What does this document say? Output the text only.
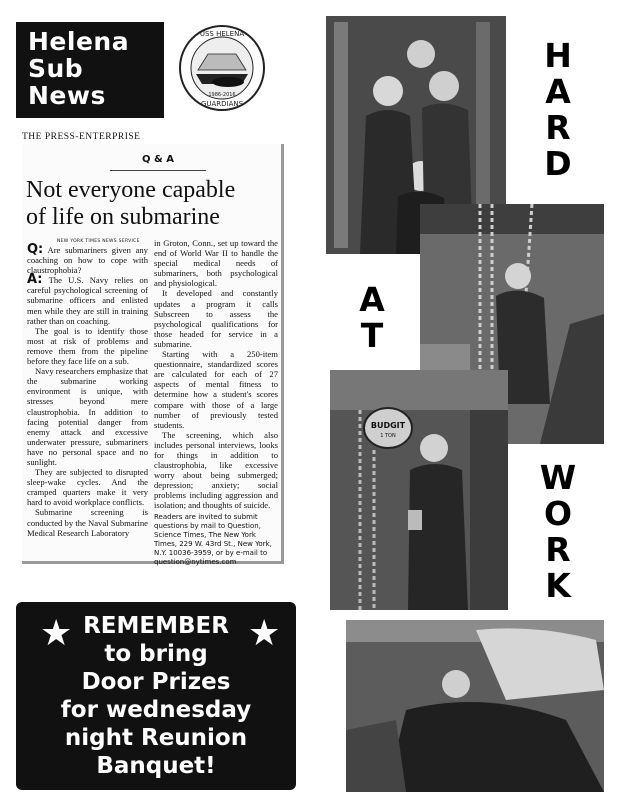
Helena
Sub
News
USS HELENA
1986-2016
GUARDIANS
THE PRESS-ENTERPRISE
Q & A
Not everyone capable
of life on submarine
NEW YORK TIMES NEWS SERVICE

Q: Are submariners given any coaching on how to cope with claustrophobia?

A: The U.S. Navy relies on careful psychological screening of submarine officers and enlisted men while they are still in training rather than on coaching.

The goal is to identify those most at risk of problems and remove them from the pipeline before they face life on a sub.

Navy researchers emphasize that the submarine working environment is unique, with stresses beyond mere claustrophobia. In addition to facing potential danger from enemy attack and excessive underwater pressure, submariners have no personal space and no sunlight.

They are subjected to disrupted sleep-wake cycles. And the cramped quarters make it very hard to avoid workplace conflicts.

Submarine screening is conducted by the Naval Submarine Medical Research Laboratory

in Groton, Conn., set up toward the end of World War II to handle the special medical needs of submariners, both psychological and physiological.

It developed and constantly updates a program it calls Subscreen to assess the psychological qualifications for those headed for service in a submarine.

Starting with a 250-item questionnaire, standardized scores are calculated for each of 27 aspects of mental fitness to determine how a student's scores compare with those of a large number of previously tested students.

The screening, which also includes personal interviews, looks for things in addition to claustrophobia, like excessive worry about being submerged; depression; anxiety; social problems including aggression and isolation; and thoughts of suicide.

Readers are invited to submit questions by mail to Question, Science Times, The New York Times, 229 W. 43rd St., New York, N.Y. 10036-3959, or by e-mail to question@nytimes.com
★	★
REMEMBER
to bring
Door Prizes
for wednesday
night Reunion
Banquet!
BUDGIT
1 TON
H
A
R
D
A
T
W
O
R
K
